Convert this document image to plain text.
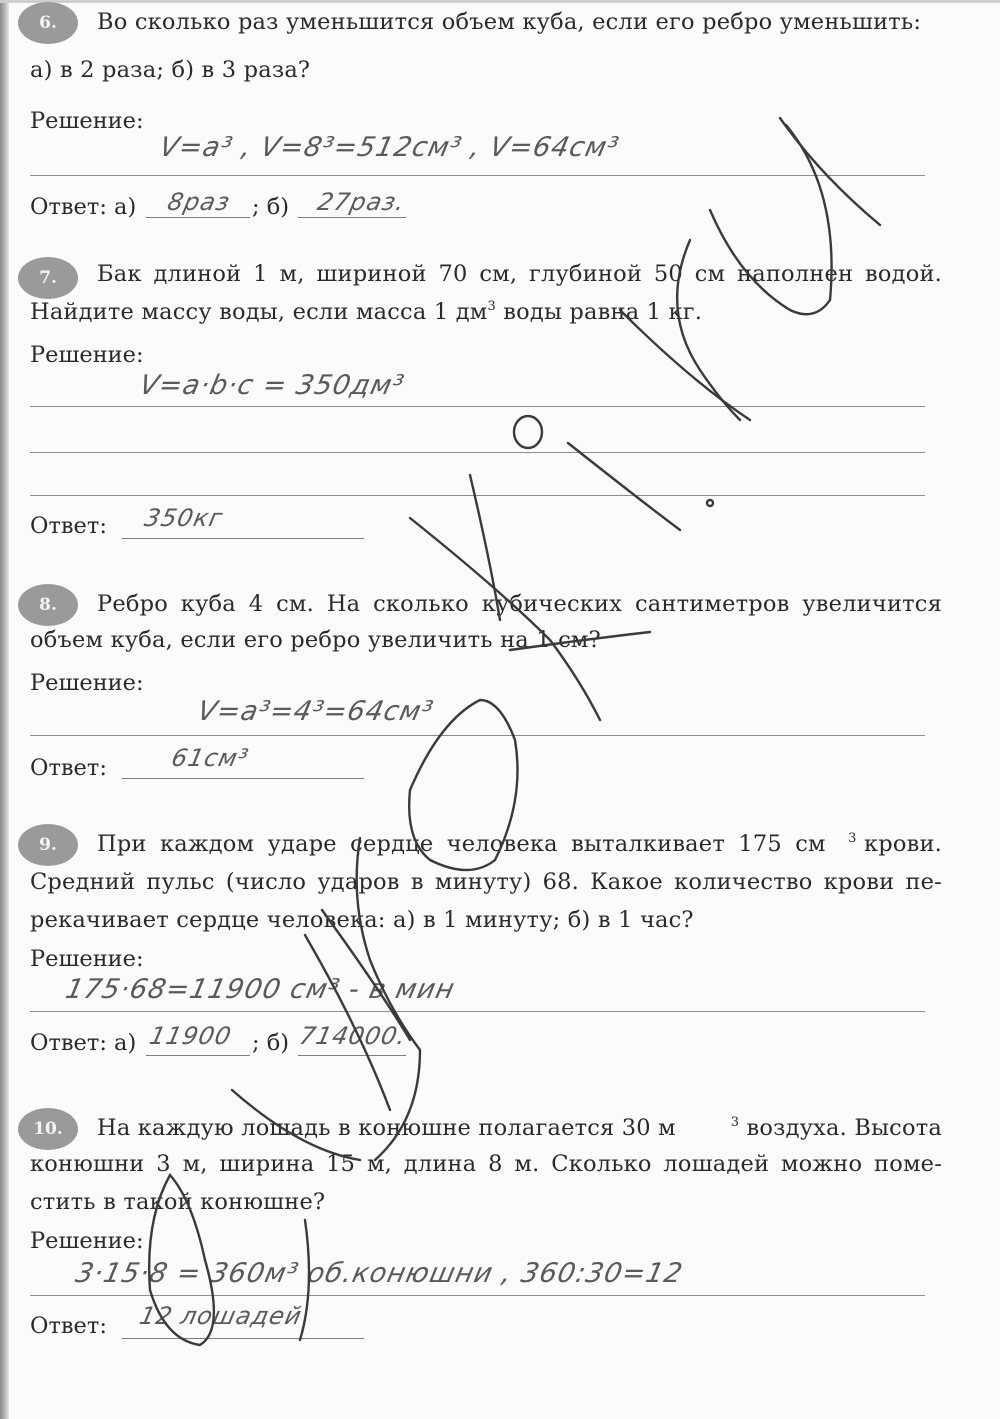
6.	Во сколько раз уменьшится объем куба, если его ребро уменьшить:
а) в 2 раза; б) в 3 раза?
Решение:
V=a³ , V=8³=512см³ , V=64см³
Ответ: а) 8раз ; б) 27раз.
7.	Бак длиной 1 м, шириной 70 см, глубиной 50 см наполнен водой.
Найдите массу воды, если масса 1 $дм^3$ воды равна 1 кг.
Решение:
V=a·b·c = 350дм³
Ответ: 350кг
8.	Ребро куба 4 см. На сколько кубических сантиметров увеличится
объем куба, если его ребро увеличить на 1 см?
Решение:
V=a³=4³=64см³
Ответ:	61см³
9.	При каждом ударе сердце человека выталкивает 175 см $^3$ крови.
Средний пульс (число ударов в минуту) 68. Какое количество крови пе-
рекачивает сердце человека: а) в 1 минуту; б) в 1 час?
Решение:
175·68=11900 см³ - в мин
Ответ: а) 11900 ; б) 714000.
10.	На каждую лошадь в конюшне полагается 30 м	$^3$ воздуха. Высота
конюшни 3 м, ширина 15 м, длина 8 м. Сколько лошадей можно поме-
стить в такой конюшне?
Решение:
3·15·8 = 360м³ об.конюшни , 360:30=12
Ответ: 12 лошадей
